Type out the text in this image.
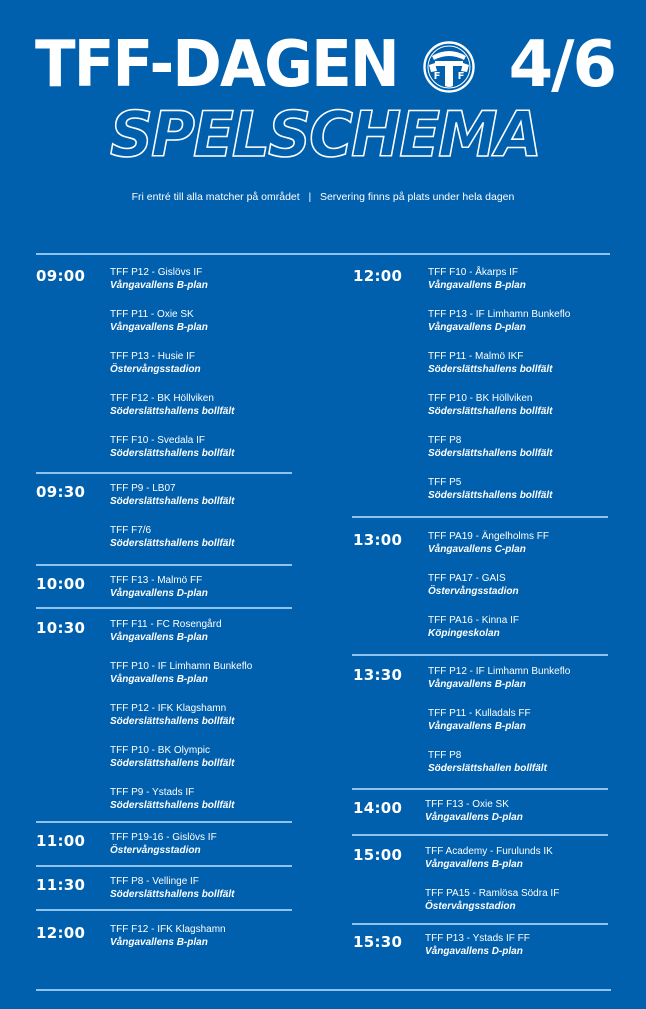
TFF-DAGEN	F F 4/6
SPELSCHEMA
Fri entré till alla matcher på området | Servering finns på plats under hela dagen
09:00 TFF P12 - Gislövs IF
Vångavallens B-plan
TFF P11 - Oxie SK
Vångavallens B-plan
TFF P13 - Husie IF
Östervångsstadion
TFF F12 - BK Höllviken
Söderslättshallens bollfält
TFF F10 - Svedala IF
Söderslättshallens bollfält
09:30 TFF P9 - LB07
Söderslättshallens bollfält
TFF F7/6
Söderslättshallens bollfält
10:00 TFF F13 - Malmö FF
Vångavallens D-plan
10:30 TFF F11 - FC Rosengård
Vångavallens B-plan
TFF P10 - IF Limhamn Bunkeflo
Vångavallens B-plan
TFF P12 - IFK Klagshamn
Söderslättshallens bollfält
TFF P10 - BK Olympic
Söderslättshallens bollfält
TFF P9 - Ystads IF
Söderslättshallens bollfält
11:00 TFF P19-16 - Gislövs IF
Östervångsstadion
11:30 TFF P8 - Vellinge IF
Söderslättshallens bollfält
12:00 TFF F12 - IFK Klagshamn
Vångavallens B-plan
12:00	TFF F10 - Åkarps IF
Vångavallens B-plan
TFF P13 - IF Limhamn Bunkeflo
Vångavallens D-plan
TFF P11 - Malmö IKF
Söderslättshallens bollfält
TFF P10 - BK Höllviken
Söderslättshallens bollfält
TFF P8
Söderslättshallens bollfält
TFF P5
Söderslättshallens bollfält
13:00	TFF PA19 - Ängelholms FF
Vångavallens C-plan
TFF PA17 - GAIS
Östervångsstadion
TFF PA16 - Kinna IF
Köpingeskolan
13:30	TFF P12 - IF Limhamn Bunkeflo
Vångavallens B-plan
TFF P11 - Kulladals FF
Vångavallens B-plan
TFF P8
Söderslättshallen bollfält
14:00 TFF F13 - Oxie SK
Vångavallens D-plan
15:00 TFF Academy - Furulunds IK
Vångavallens B-plan
TFF PA15 - Ramlösa Södra IF
Östervångsstadion
15:30 TFF P13 - Ystads IF FF
Vångavallens D-plan
